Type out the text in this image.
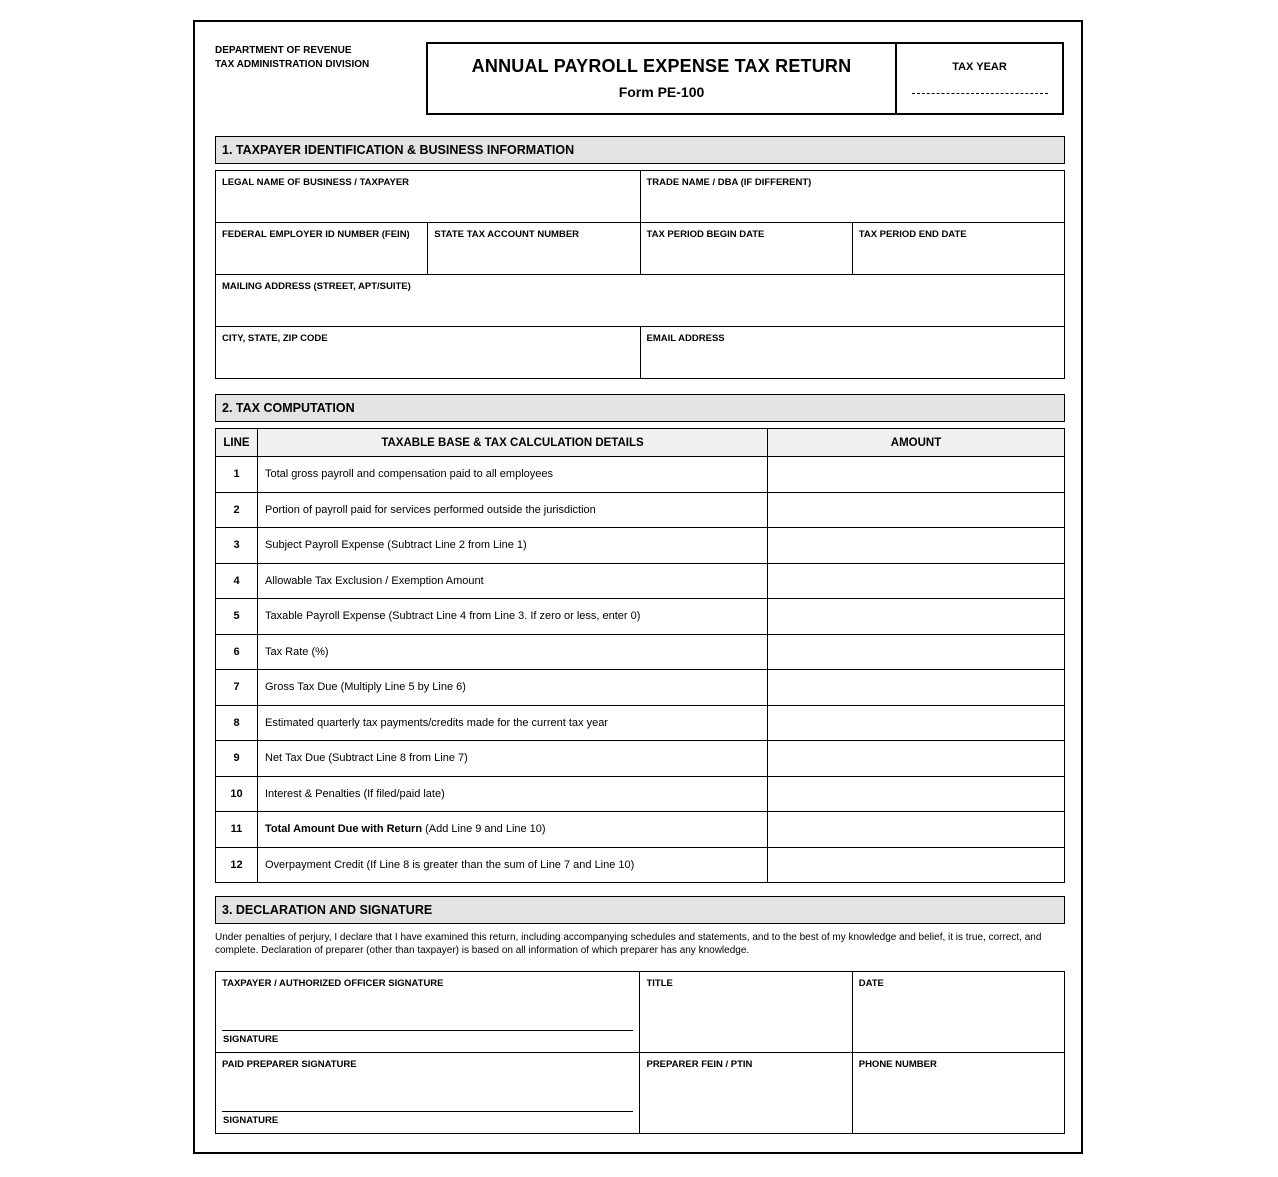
DEPARTMENT OF REVENUE
TAX ADMINISTRATION DIVISION	ANNUAL PAYROLL EXPENSE TAX RETURN
Form PE-100
TAX YEAR
1. TAXPAYER IDENTIFICATION & BUSINESS INFORMATION
LEGAL NAME OF BUSINESS / TAXPAYER	TRADE NAME / DBA (IF DIFFERENT)
FEDERAL EMPLOYER ID NUMBER (FEIN)	STATE TAX ACCOUNT NUMBER	TAX PERIOD BEGIN DATE	TAX PERIOD END DATE
MAILING ADDRESS (STREET, APT/SUITE)
CITY, STATE, ZIP CODE	EMAIL ADDRESS
2. TAX COMPUTATION
LINE	TAXABLE BASE & TAX CALCULATION DETAILS	AMOUNT
1	Total gross payroll and compensation paid to all employees	
2	Portion of payroll paid for services performed outside the jurisdiction	
3	Subject Payroll Expense (Subtract Line 2 from Line 1)	
4	Allowable Tax Exclusion / Exemption Amount	
5	Taxable Payroll Expense (Subtract Line 4 from Line 3. If zero or less, enter 0)	
6	Tax Rate (%)	
7	Gross Tax Due (Multiply Line 5 by Line 6)	
8	Estimated quarterly tax payments/credits made for the current tax year	
9	Net Tax Due (Subtract Line 8 from Line 7)	
10	Interest & Penalties (If filed/paid late)	
11	Total Amount Due with Return (Add Line 9 and Line 10)	
12	Overpayment Credit (If Line 8 is greater than the sum of Line 7 and Line 10)	
3. DECLARATION AND SIGNATURE
Under penalties of perjury, I declare that I have examined this return, including accompanying schedules and statements, and to the best of my knowledge and belief, it is true, correct, and complete. Declaration of preparer (other than taxpayer) is based on all information of which preparer has any knowledge.
TAXPAYER / AUTHORIZED OFFICER SIGNATURE
SIGNATURE
TITLE	DATE
PAID PREPARER SIGNATURE
SIGNATURE
PREPARER FEIN / PTIN	PHONE NUMBER
